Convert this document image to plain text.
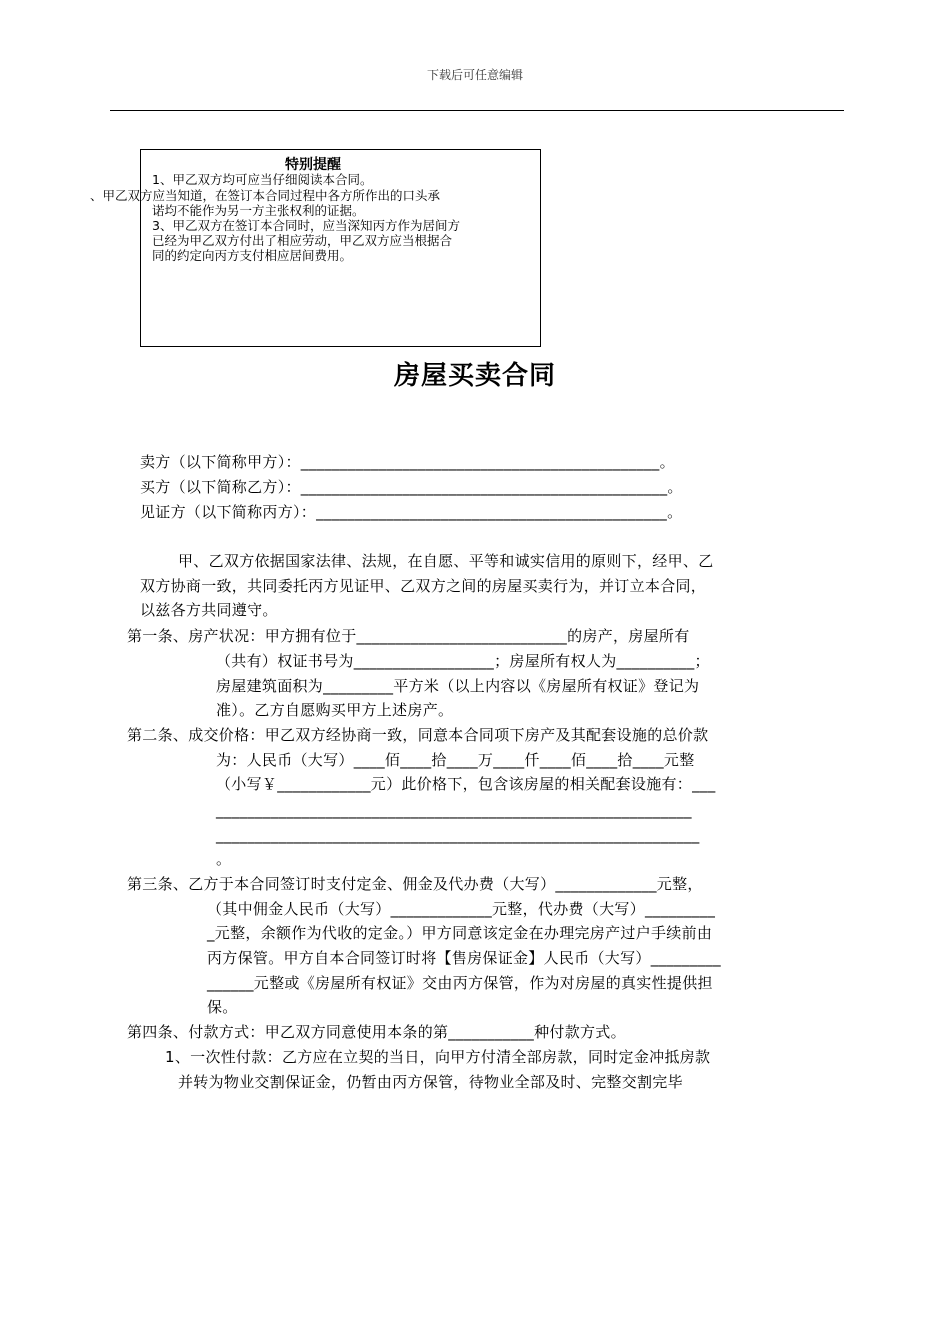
下载后可任意编辑
特别提醒
1、甲乙双方均可应当仔细阅读本合同。
、甲乙双方应当知道，在签订本合同过程中各方所作出的口头承
诺均不能作为另一方主张权利的证据。
3、甲乙双方在签订本合同时，应当深知丙方作为居间方
已经为甲乙双方付出了相应劳动，甲乙双方应当根据合
同的约定向丙方支付相应居间费用。
房屋买卖合同
卖方（以下简称甲方）：______________________________________________。
买方（以下简称乙方）：_______________________________________________。
见证方（以下简称丙方）：_____________________________________________。
甲、乙双方依据国家法律、法规，在自愿、平等和诚实信用的原则下，经甲、乙
双方协商一致，共同委托丙方见证甲、乙双方之间的房屋买卖行为，并订立本合同，
以兹各方共同遵守。
第一条、房产状况：甲方拥有位于___________________________的房产，房屋所有
（共有）权证书号为__________________；房屋所有权人为__________；
房屋建筑面积为_________平方米（以上内容以《房屋所有权证》登记为
准）。乙方自愿购买甲方上述房产。
第二条、成交价格：甲乙双方经协商一致，同意本合同项下房产及其配套设施的总价款
为：人民币（大写）____佰____拾____万____仟____佰____拾____元整
（小写￥____________元）此价格下，包含该房屋的相关配套设施有：___
_____________________________________________________________
______________________________________________________________
。
第三条、乙方于本合同签订时支付定金、佣金及代办费（大写）_____________元整，
（其中佣金人民币（大写）_____________元整，代办费（大写）_________
_元整，余额作为代收的定金。）甲方同意该定金在办理完房产过户手续前由
丙方保管。甲方自本合同签订时将【售房保证金】人民币（大写）_________
______元整或《房屋所有权证》交由丙方保管，作为对房屋的真实性提供担
保。
第四条、付款方式：甲乙双方同意使用本条的第___________种付款方式。
1、一次性付款：乙方应在立契的当日，向甲方付清全部房款，同时定金冲抵房款
并转为物业交割保证金，仍暂由丙方保管，待物业全部及时、完整交割完毕
